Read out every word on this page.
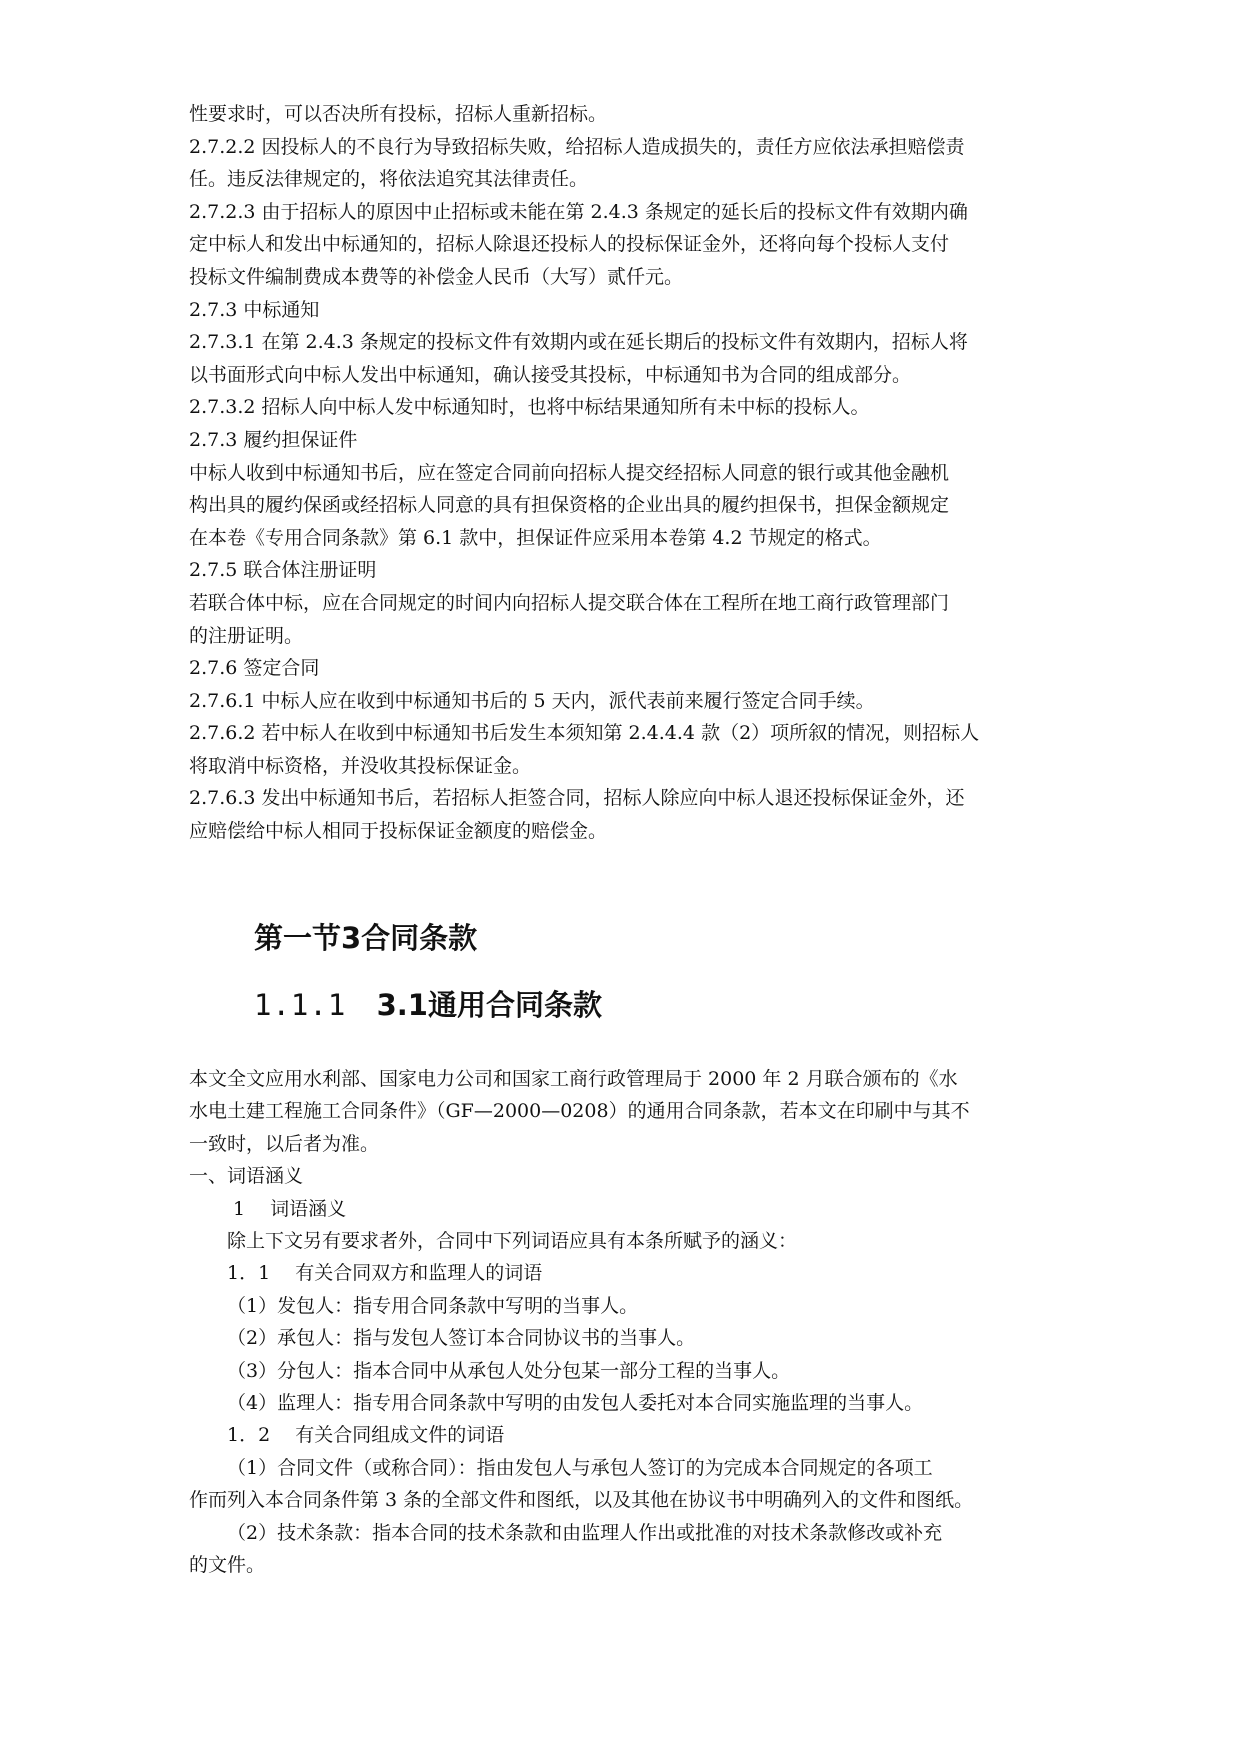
性要求时，可以否决所有投标，招标人重新招标。

2.7.2.2 因投标人的不良行为导致招标失败，给招标人造成损失的，责任方应依法承担赔偿责

任。违反法律规定的，将依法追究其法律责任。

2.7.2.3 由于招标人的原因中止招标或未能在第 2.4.3 条规定的延长后的投标文件有效期内确

定中标人和发出中标通知的，招标人除退还投标人的投标保证金外，还将向每个投标人支付

投标文件编制费成本费等的补偿金人民币（大写）贰仟元。

2.7.3 中标通知

2.7.3.1 在第 2.4.3 条规定的投标文件有效期内或在延长期后的投标文件有效期内，招标人将

以书面形式向中标人发出中标通知，确认接受其投标，中标通知书为合同的组成部分。

2.7.3.2 招标人向中标人发中标通知时，也将中标结果通知所有未中标的投标人。

2.7.3 履约担保证件

中标人收到中标通知书后，应在签定合同前向招标人提交经招标人同意的银行或其他金融机

构出具的履约保函或经招标人同意的具有担保资格的企业出具的履约担保书，担保金额规定

在本卷《专用合同条款》第 6.1 款中，担保证件应采用本卷第 4.2 节规定的格式。

2.7.5 联合体注册证明

若联合体中标，应在合同规定的时间内向招标人提交联合体在工程所在地工商行政管理部门

的注册证明。

2.7.6 签定合同

2.7.6.1 中标人应在收到中标通知书后的 5 天内，派代表前来履行签定合同手续。

2.7.6.2 若中标人在收到中标通知书后发生本须知第 2.4.4.4 款（2）项所叙的情况，则招标人

将取消中标资格，并没收其投标保证金。

2.7.6.3 发出中标通知书后，若招标人拒签合同，招标人除应向中标人退还投标保证金外，还

应赔偿给中标人相同于投标保证金额度的赔偿金。

第一节3合同条款
1.1.1 3.1通用合同条款

本文全文应用水利部、国家电力公司和国家工商行政管理局于 2000 年 2 月联合颁布的《水

水电土建工程施工合同条件》（GF—2000—0208）的通用合同条款，若本文在印刷中与其不

一致时，以后者为准。

一、词语涵义

1　 词语涵义

除上下文另有要求者外，合同中下列词语应具有本条所赋予的涵义：

1．1　 有关合同双方和监理人的词语

（1）发包人：指专用合同条款中写明的当事人。

（2）承包人：指与发包人签订本合同协议书的当事人。

（3）分包人：指本合同中从承包人处分包某一部分工程的当事人。

（4）监理人：指专用合同条款中写明的由发包人委托对本合同实施监理的当事人。

1．2　 有关合同组成文件的词语

（1）合同文件（或称合同）：指由发包人与承包人签订的为完成本合同规定的各项工

作而列入本合同条件第 3 条的全部文件和图纸，以及其他在协议书中明确列入的文件和图纸。

（2）技术条款：指本合同的技术条款和由监理人作出或批准的对技术条款修改或补充

的文件。
